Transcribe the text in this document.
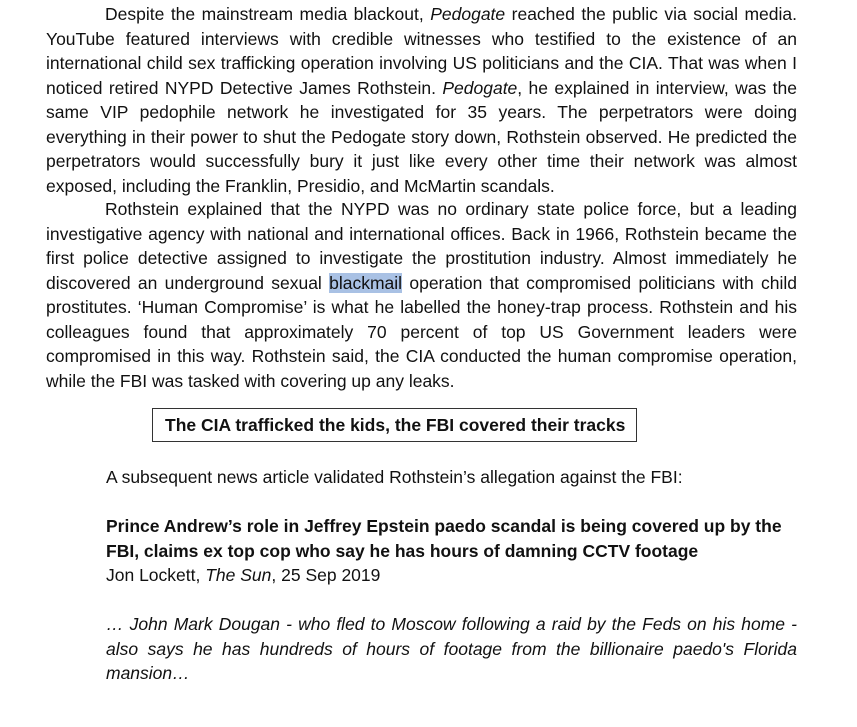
Despite the mainstream media blackout, Pedogate reached the public via social media. YouTube featured interviews with credible witnesses who testified to the existence of an international child sex trafficking operation involving US politicians and the CIA. That was when I noticed retired NYPD Detective James Rothstein. Pedogate, he explained in interview, was the same VIP pedophile network he investigated for 35 years. The perpetrators were doing everything in their power to shut the Pedogate story down, Rothstein observed. He predicted the perpetrators would successfully bury it just like every other time their network was almost exposed, including the Franklin, Presidio, and McMartin scandals.

Rothstein explained that the NYPD was no ordinary state police force, but a leading investigative agency with national and international offices. Back in 1966, Rothstein became the first police detective assigned to investigate the prostitution industry. Almost immediately he discovered an underground sexual blackmail operation that compromised politicians with child prostitutes. ‘Human Compromise’ is what he labelled the honey-trap process. Rothstein and his colleagues found that approximately 70 percent of top US Government leaders were compromised in this way. Rothstein said, the CIA conducted the human compromise operation, while the FBI was tasked with covering up any leaks.

The CIA trafficked the kids, the FBI covered their tracks

A subsequent news article validated Rothstein’s allegation against the FBI:

Prince Andrew’s role in Jeffrey Epstein paedo scandal is being covered up by the FBI, claims ex top cop who say he has hours of damning CCTV footage

Jon Lockett, The Sun, 25 Sep 2019

… John Mark Dougan - who fled to Moscow following a raid by the Feds on his home - also says he has hundreds of hours of footage from the billionaire paedo's Florida mansion…
